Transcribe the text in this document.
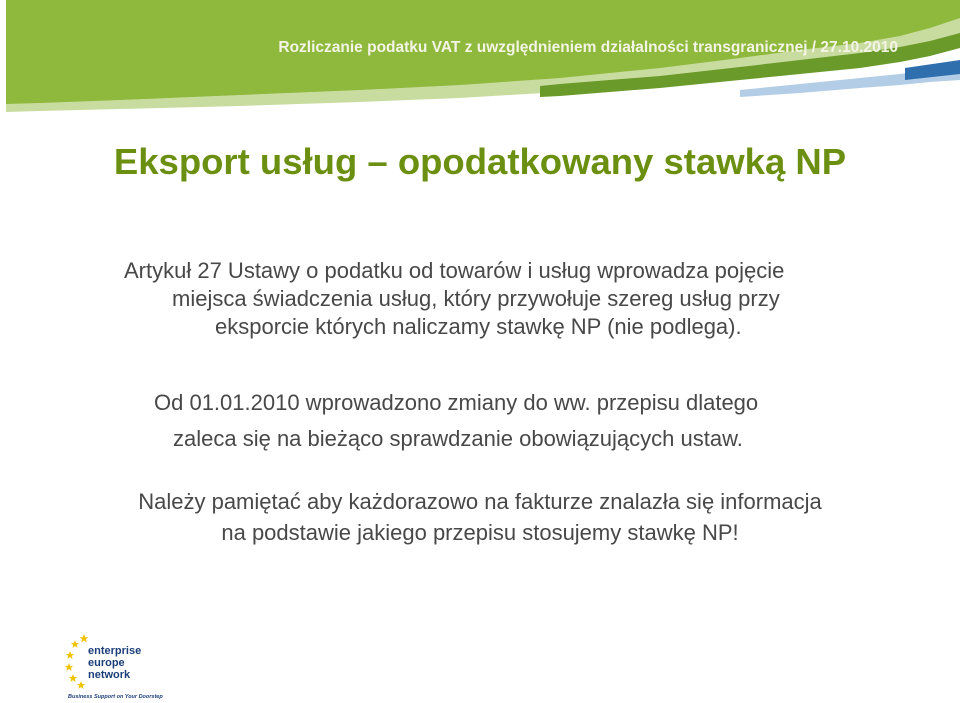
Rozliczanie podatku VAT z uwzględnieniem działalności transgranicznej / 27.10.2010
Eksport usług – opodatkowany stawką NP
Artykuł 27 Ustawy o podatku od towarów i usług wprowadza pojęcie
miejsca świadczenia usług, który przywołuje szereg usług przy
eksporcie których naliczamy stawkę NP (nie podlega).
Od 01.01.2010 wprowadzono zmiany do ww. przepisu dlatego
zaleca się na bieżąco sprawdzanie obowiązujących ustaw.
Należy pamiętać aby każdorazowo na fakturze znalazła się informacja
na podstawie jakiego przepisu stosujemy stawkę NP!
enterprise
europe
network
Business Support on Your Doorstep
